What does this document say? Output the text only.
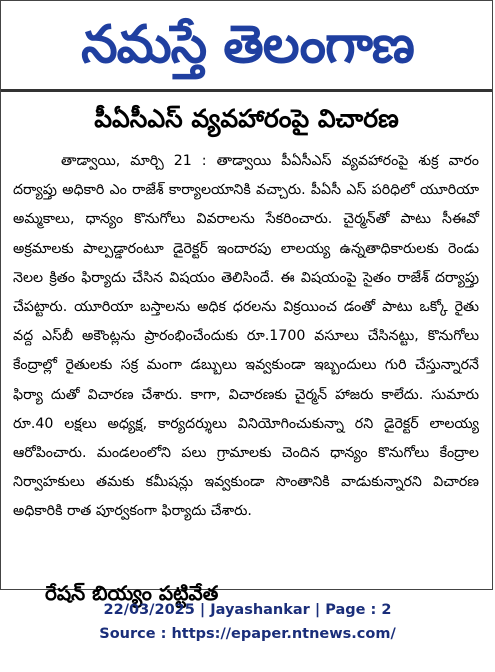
నమస్తే తెలంగాణ
పీఏసీఎస్ వ్యవహారంపై విచారణ
తాడ్వాయి, మార్చి 21 : తాడ్వాయి పీఏసీఎస్ వ్యవహారంపై శుక్ర వారం దర్యాప్తు అధికారి ఎం రాజేశ్ కార్యాలయానికి వచ్చారు. పీఏసీ ఎస్ పరిధిలో యూరియా అమ్మకాలు, ధాన్యం కొనుగోలు వివరాలను సేకరించారు. చైర్మన్‌తో పాటు సీఈవో అక్రమాలకు పాల్పడ్డారంటూ డైరెక్టర్ ఇందారపు లాలయ్య ఉన్నతాధికారులకు రెండు నెలల క్రితం ఫిర్యాదు చేసిన విషయం తెలిసిందే. ఈ విషయంపై సైతం రాజేశ్ దర్యాప్తు చేపట్టారు. యూరియా బస్తాలను అధిక ధరలను విక్రయించ డంతో పాటు ఒక్కో రైతు వద్ద ఎస్‌బీ అకౌంట్లను ప్రారంభించేందుకు రూ.1700 వసూలు చేసినట్టు, కొనుగోలు కేంద్రాల్లో రైతులకు సక్ర మంగా డబ్బులు ఇవ్వకుండా ఇబ్బందులు గురి చేస్తున్నారనే ఫిర్యా దుతో విచారణ చేశారు. కాగా, విచారణకు చైర్మన్ హాజరు కాలేదు. సుమారు రూ.40 లక్షలు అధ్యక్ష, కార్యదర్శులు వినియోగించుకున్నా రని డైరెక్టర్ లాలయ్య ఆరోపించారు. మండలంలోని పలు గ్రామాలకు చెందిన ధాన్యం కొనుగోలు కేంద్రాల నిర్వాహకులు తమకు కమీషన్లు ఇవ్వకుండా సొంతానికి వాడుకున్నారని విచారణ అధికారికి రాత పూర్వకంగా ఫిర్యాదు చేశారు.
రేషన్ బియ్యం పట్టివేత
22/03/2025 | Jayashankar | Page : 2
Source : https://epaper.ntnews.com/
